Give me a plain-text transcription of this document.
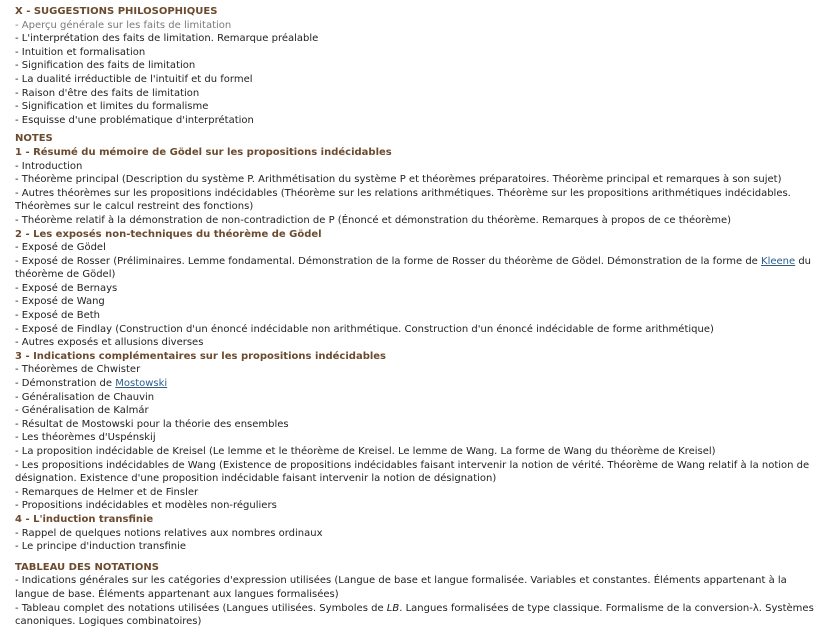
X - SUGGESTIONS PHILOSOPHIQUES
- Aperçu générale sur les faits de limitation
- L'interprétation des faits de limitation. Remarque préalable
- Intuition et formalisation
- Signification des faits de limitation
- La dualité irréductible de l'intuitif et du formel
- Raison d'être des faits de limitation
- Signification et limites du formalisme
- Esquisse d'une problématique d'interprétation
NOTES
1 - Résumé du mémoire de Gödel sur les propositions indécidables
- Introduction
- Théorème principal (Description du système P. Arithmétisation du système P et théorèmes préparatoires. Théorème principal et remarques à son sujet)
- Autres théorèmes sur les propositions indécidables (Théorème sur les relations arithmétiques. Théorème sur les propositions arithmétiques indécidables. Théorèmes sur le calcul restreint des fonctions)
- Théorème relatif à la démonstration de non-contradiction de P (Énoncé et démonstration du théorème. Remarques à propos de ce théorème)
2 - Les exposés non-techniques du théorème de Gödel
- Exposé de Gödel
- Exposé de Rosser (Préliminaires. Lemme fondamental. Démonstration de la forme de Rosser du théorème de Gödel. Démonstration de la forme de Kleene du théorème de Gödel)
- Exposé de Bernays
- Exposé de Wang
- Exposé de Beth
- Exposé de Findlay (Construction d'un énoncé indécidable non arithmétique. Construction d'un énoncé indécidable de forme arithmétique)
- Autres exposés et allusions diverses
3 - Indications complémentaires sur les propositions indécidables
- Théorèmes de Chwister
- Démonstration de Mostowski
- Généralisation de Chauvin
- Généralisation de Kalmár
- Résultat de Mostowski pour la théorie des ensembles
- Les théorèmes d'Uspénskij
- La proposition indécidable de Kreisel (Le lemme et le théorème de Kreisel. Le lemme de Wang. La forme de Wang du théorème de Kreisel)
- Les propositions indécidables de Wang (Existence de propositions indécidables faisant intervenir la notion de vérité. Théorème de Wang relatif à la notion de désignation. Existence d'une proposition indécidable faisant intervenir la notion de désignation)
- Remarques de Helmer et de Finsler
- Propositions indécidables et modèles non-réguliers
4 - L'induction transfinie
- Rappel de quelques notions relatives aux nombres ordinaux
- Le principe d'induction transfinie
TABLEAU DES NOTATIONS
- Indications générales sur les catégories d'expression utilisées (Langue de base et langue formalisée. Variables et constantes. Éléments appartenant à la langue de base. Éléments appartenant aux langues formalisées)
- Tableau complet des notations utilisées (Langues utilisées. Symboles de LB. Langues formalisées de type classique. Formalisme de la conversion-λ. Systèmes canoniques. Logiques combinatoires)
